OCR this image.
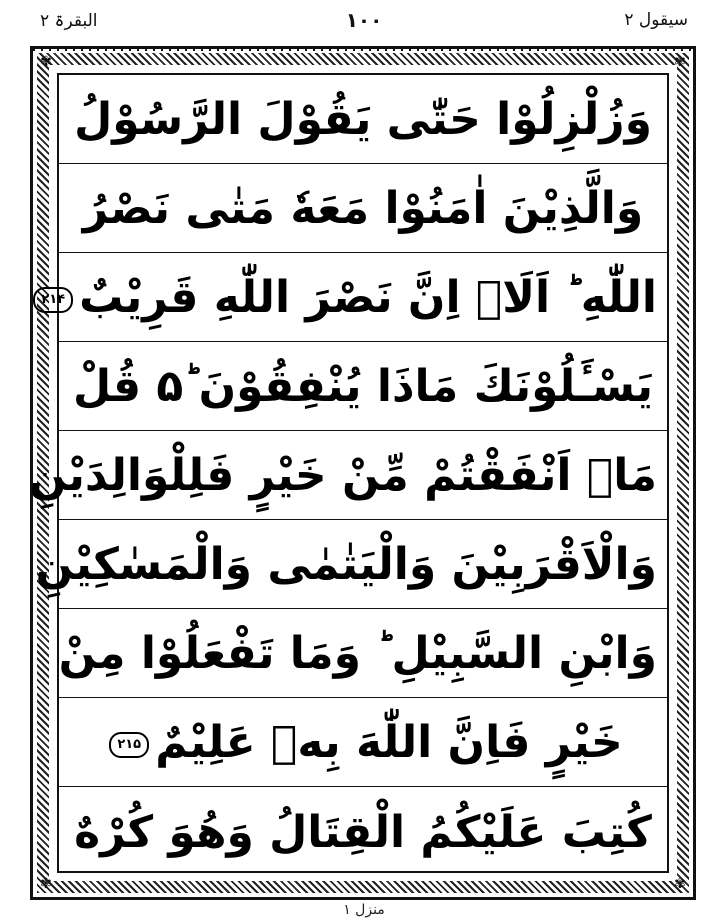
سیقول ۲
۱۰۰
البقرۃ ۲
✾	✾
✾	✾
وَزُلْزِلُوْا حَتّٰی یَقُوْلَ الرَّسُوْلُ
وَالَّذِیْنَ اٰمَنُوْا مَعَهٗ مَتٰی نَصْرُ
اللّٰهِ ؕ اَلَاۤ اِنَّ نَصْرَ اللّٰهِ قَرِیْبٌ۲۱۴
یَسْـَٔلُوْنَكَ مَاذَا یُنْفِقُوْنَ ؕ۵ قُلْ
مَاۤ اَنْفَقْتُمْ مِّنْ خَیْرٍ فَلِلْوَالِدَیْنِ
وَالْاَقْرَبِیْنَ وَالْیَتٰمٰی وَالْمَسٰكِیْنِ
وَابْنِ السَّبِیْلِ ؕ وَمَا تَفْعَلُوْا مِنْ
خَیْرٍ فَاِنَّ اللّٰهَ بِهٖ عَلِیْمٌ۲۱۵
كُتِبَ عَلَیْكُمُ الْقِتَالُ وَهُوَ كُرْهٌ
منزل ۱
